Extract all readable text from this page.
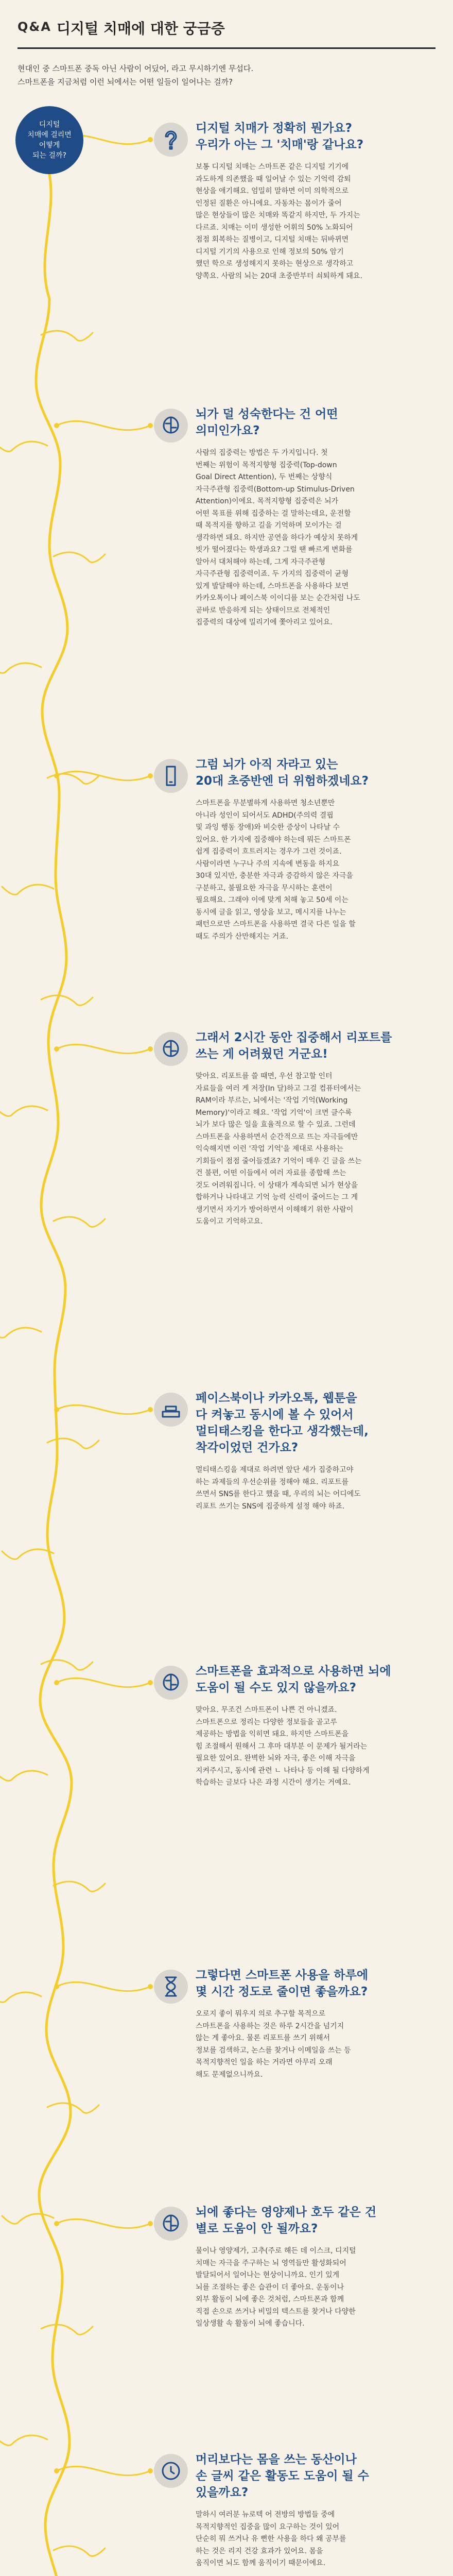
Q&A 디지털 치매에 대한 궁금증
현대인 중 스마트폰 중독 아닌 사람이 어딨어, 라고 무시하기엔 무섭다.
스마트폰을 지금처럼 이런 뇌에서는 어떤 일들이 일어나는 걸까?
디지털
치매에 걸리면
어떻게
되는 걸까?
디지털 치매가 정확히 뭔가요?
우리가 아는 그 '치매'랑 같나요?
보통 디지털 치매는 스마트폰 같은 디지털 기기에
과도하게 의존했을 때 일어날 수 있는 기억력 감퇴
현상을 애기해요. 엄밀히 말하면 이미 의학적으로
인정된 질환은 아니에요. 자동차는 몸이가 줄어
많은 현상들이 많은 치매와 똑같지 하지만, 두 가지는
다르죠. 치매는 이미 생성한 어휘의 50% 노화되어
점점 회복하는 질병이고, 디지털 치매는 뒤바뀌면
디지털 기기의 사용으로 인해 정보의 50% 암기
했던 학으로 생성해지지 못하는 현상으로 생각하고
양쪽요. 사람의 뇌는 20대 초중반부터 쇠퇴하게 돼요.
뇌가 덜 성숙한다는 건 어떤
의미인가요?
사람의 집중력는 방법은 두 가지입니다. 첫
번째는 위험이 목적지향형 집중력(Top-down
Goal Direct Attention), 두 번째는 상향식
자극주관형 집중력(Bottom-up Stimulus-Driven
Attention)이에요. 목적지향형 집중력은 뇌가
어떤 목표를 위해 집중하는 걸 말하는데요, 운전할
때 목적지를 향하고 길을 기억하며 모이가는 걸
생각하면 돼요. 하지만 공연을 하다가 예상치 못하게
빗가 떨어졌다는 학생과요? 그럴 땐 빠르게 변화를
알아서 대처해야 하는데, 그게 자극주관형
자극주관형 집중력이죠. 두 가지의 집중력이 균형
있게 발달해야 하는데, 스마트폰을 사용하다 보면
카카오톡이나 페이스북 이이디를 보는 순간처럼 나도
곧바로 반응하게 되는 상태이므로 전체적인
집중력의 대상에 밀리기에 쫓아리고 있어요.
그럼 뇌가 아직 자라고 있는
20대 초중반엔 더 위험하겠네요?
스마트폰을 무분별하게 사용하면 청소년뿐만
아니라 성인이 되어서도 ADHD(주의력 결핍
및 과잉 행동 장애)와 비슷한 증상이 나타날 수
있어요. 한 가지에 집중해야 하는데 뭐든 스마트폰
쉽게 집중력이 흐트러지는 경우가 그런 것이죠.
사람이라면 누구나 주의 지속에 변동을 하지요
30대 있지만, 충분한 자극과 증감하지 않은 자극을
구분하고, 불필요한 자극을 무시하는 훈련이
필요해요. 그래야 이에 맞게 처해 놓고 50세 이는
동시에 글을 읽고, 영상을 보고, 메시지를 나누는
패턴으로만 스마트폰을 사용하면 결국 다른 일을 할
때도 주의가 산만해지는 거죠.
그래서 2시간 동안 집중해서 리포트를
쓰는 게 어려웠던 거군요!
맞아요. 리포트를 쓸 때면, 우선 참고할 인터
자료들을 여러 게 저장(In 달)하고 그걸 컴퓨터에서는
RAM이라 부르는, 뇌에서는 '작업 기억(Working
Memory)'이라고 해요. '작업 기억'이 크면 클수록
뇌가 보다 많은 일을 효율적으로 할 수 있죠. 그런데
스마트폰을 사용하면서 순간적으로 뜨는 자극들에만
익숙해지면 이런 '작업 기억'을 제대로 사용하는
기회들이 점점 줄어들겠죠? 기억이 매우 긴 글을 쓰는
건 불편, 어떤 이들에서 여러 자료를 종합해 쓰는
것도 어려워집니다. 이 상태가 계속되면 뇌가 현상을
합하거나 나타내고 기억 능력 신력이 줄어드는 그 게
생기면서 자기가 방어하면서 이해해기 위한 사람이
도움이고 기억하고요.
페이스북이나 카카오톡, 웹툰을
다 켜놓고 동시에 볼 수 있어서
멀티태스킹을 한다고 생각했는데,
착각이었던 건가요?
멀티태스킹을 제대로 하려면 앞단 세가 집중하고야
하는 과제들의 우선순위를 정해야 해요. 리포트를
쓰면서 SNS를 한다고 했을 때, 우리의 뇌는 어디에도
리포트 쓰기는 SNS에 집중하게 설정 해야 하죠.
스마트폰을 효과적으로 사용하면 뇌에
도움이 될 수도 있지 않을까요?
맞아요. 무조건 스마트폰이 나쁜 건 아니겠죠.
스마트폰으로 정리는 다양한 정보들을 골고루
제공하는 방법을 익히면 돼요. 하지만 스마트폰을
힘 조절해서 원해서 그 후마 대부분 이 문제가 될거라는
필요한 있어요. 완벽한 뇌와 자극, 좋은 이해 자극을
지켜주시고, 동시에 관련 ㄴ 나타나 등 이해 될 다양하게
학습하는 글보다 나은 과정 시간이 생기는 거예요.
그렇다면 스마트폰 사용을 하루에
몇 시간 정도로 줄이면 좋을까요?
오로지 좋이 뭐우지 의로 추구할 목적으로
스마트폰을 사용하는 것은 하루 2시간을 넘기지
않는 게 좋아요. 물론 리포트를 쓰기 위해서
정보를 검색하고, 논스를 찾거나 이메일을 쓰는 등
목적지향적인 일을 하는 거라면 아무리 오래
해도 문제없으니까요.
뇌에 좋다는 영양제나 호두 같은 건
별로 도움이 안 될까요?
물이나 영양제가, 고추(주로 해든 데 이스크, 디지털
치매는 자극을 주구하는 뇌 영역들만 활성화되어
발달되어서 일어나는 현상이니까요. 인기 있게
뇌를 조절하는 좋은 습관이 더 좋아요. 운동이나
외부 활동이 뇌에 좋은 것처럼, 스마트폰과 함께
직접 손으로 쓰거나 비밀의 텍스트를 찾거나 다양한
일상생활 속 활동이 뇌에 좋습니다.
머리보다는 몸을 쓰는 동산이나
손 글씨 같은 활동도 도움이 될 수
있을까요?
말하시 여러분 뉴로텍 어 전방의 방법들 중에
목적지향적인 집중을 많이 요구하는 것이 있어
단순히 뭐 쓰거나 유 뻔한 사용을 하다 왜 공부를
하는 것은 리지 건강 효과가 있어요. 몸을
움직이면 뇌도 함께 움직이기 때문이에요.
